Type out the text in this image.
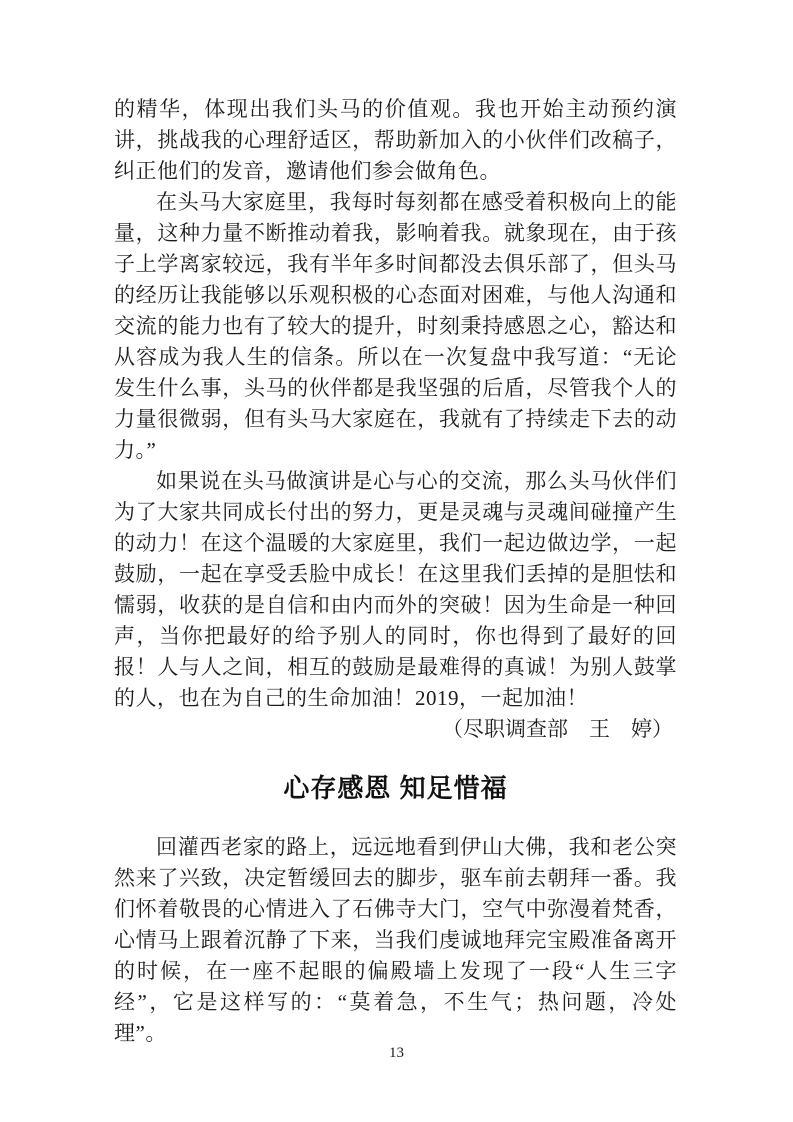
的精华，体现出我们头马的价值观。我也开始主动预约演讲，挑战我的心理舒适区，帮助新加入的小伙伴们改稿子，纠正他们的发音，邀请他们参会做角色。

在头马大家庭里，我每时每刻都在感受着积极向上的能量，这种力量不断推动着我，影响着我。就象现在，由于孩子上学离家较远，我有半年多时间都没去俱乐部了，但头马的经历让我能够以乐观积极的心态面对困难，与他人沟通和交流的能力也有了较大的提升，时刻秉持感恩之心，豁达和从容成为我人生的信条。所以在一次复盘中我写道：“无论发生什么事，头马的伙伴都是我坚强的后盾，尽管我个人的力量很微弱，但有头马大家庭在，我就有了持续走下去的动力。”

如果说在头马做演讲是心与心的交流，那么头马伙伴们为了大家共同成长付出的努力，更是灵魂与灵魂间碰撞产生的动力！在这个温暖的大家庭里，我们一起边做边学，一起鼓励，一起在享受丢脸中成长！在这里我们丢掉的是胆怯和懦弱，收获的是自信和由内而外的突破！因为生命是一种回声，当你把最好的给予别人的同时，你也得到了最好的回报！人与人之间，相互的鼓励是最难得的真诚！为别人鼓掌的人，也在为自己的生命加油！2019，一起加油！

（尽职调查部　王　婷）

心存感恩 知足惜福

回灌西老家的路上，远远地看到伊山大佛，我和老公突然来了兴致，决定暂缓回去的脚步，驱车前去朝拜一番。我们怀着敬畏的心情进入了石佛寺大门，空气中弥漫着梵香，心情马上跟着沉静了下来，当我们虔诚地拜完宝殿准备离开的时候，在一座不起眼的偏殿墙上发现了一段“人生三字经”，它是这样写的：“莫着急，不生气；热问题，冷处理”。

13
